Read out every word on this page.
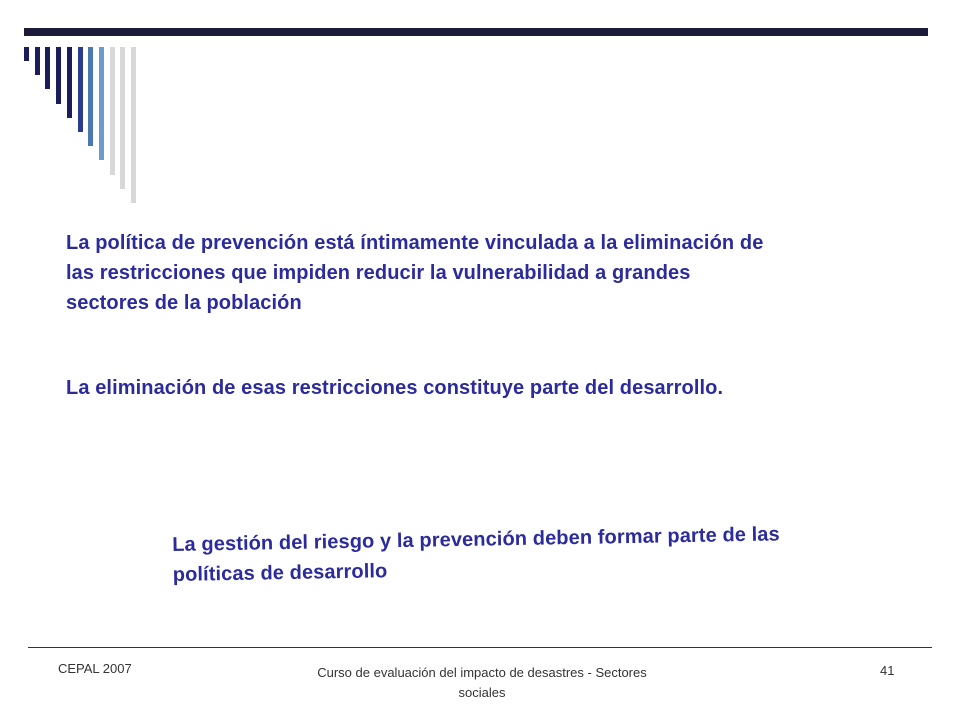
La política de prevención está íntimamente vinculada a la eliminación de las restricciones que impiden reducir la vulnerabilidad a grandes sectores de la población
La eliminación de esas restricciones constituye parte del desarrollo.
La gestión del riesgo y la prevención deben formar parte de las políticas de desarrollo
CEPAL 2007	Curso de evaluación del impacto de desastres - Sectores sociales
41
